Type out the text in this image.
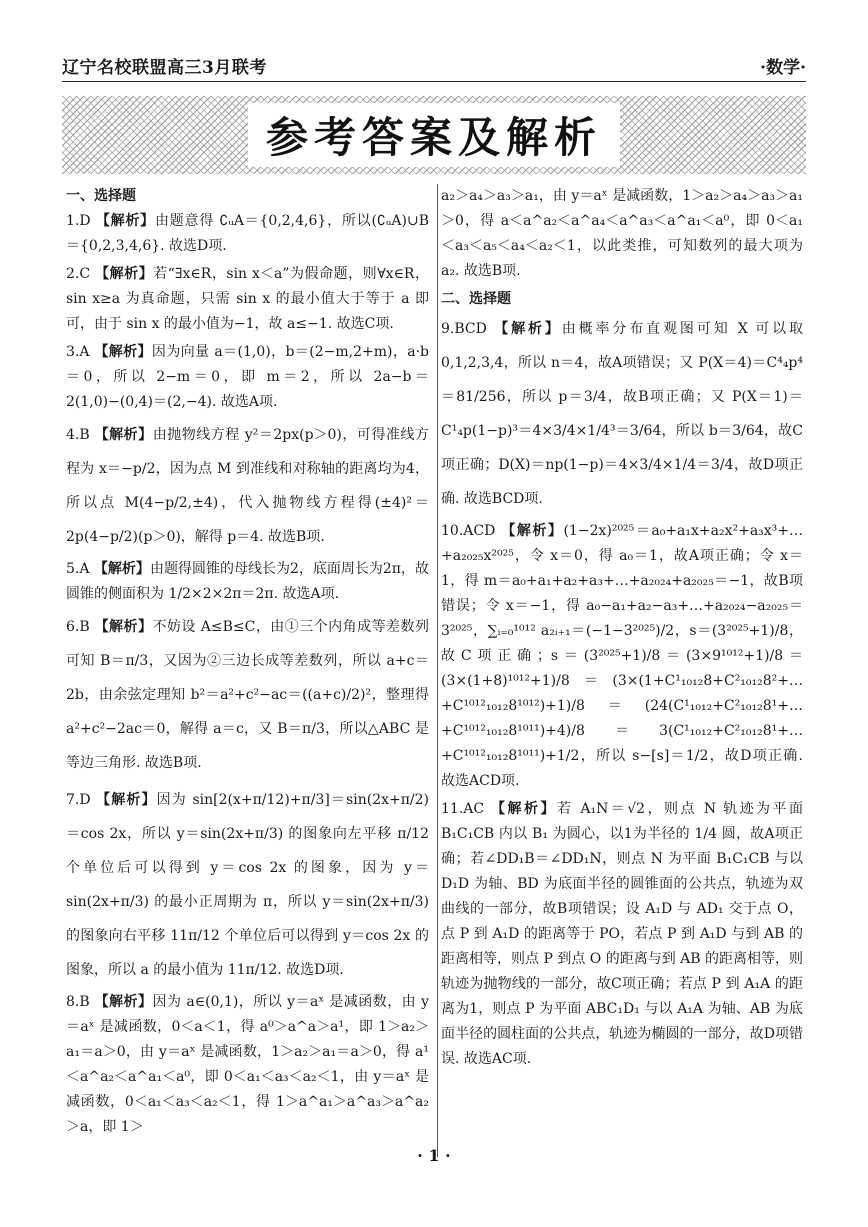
辽宁名校联盟高三3月联考	·数学·
参考答案及解析
一、选择题
1.D 【解析】由题意得 ∁ᵤA＝{0,2,4,6}，所以(∁ᵤA)∪B＝{0,2,3,4,6}. 故选D项.
2.C 【解析】若“∃x∈R，sin x＜a”为假命题，则∀x∈R，sin x≥a 为真命题，只需 sin x 的最小值大于等于 a 即可，由于 sin x 的最小值为−1，故 a≤−1. 故选C项.
3.A 【解析】因为向量 a＝(1,0)，b＝(2−m,2+m)，a·b＝0，所以 2−m＝0，即 m＝2，所以 2a−b＝2(1,0)−(0,4)＝(2,−4). 故选A项.
4.B 【解析】由抛物线方程 y²＝2px(p＞0)，可得准线方程为 x＝−p/2，因为点 M 到准线和对称轴的距离均为4，所以点 M(4−p/2,±4)，代入抛物线方程得(±4)²＝2p(4−p/2)(p＞0)，解得 p＝4. 故选B项.
5.A 【解析】由题得圆锥的母线长为2，底面周长为2π，故圆锥的侧面积为 1/2×2×2π＝2π. 故选A项.
6.B 【解析】不妨设 A≤B≤C，由①三个内角成等差数列可知 B＝π/3，又因为②三边长成等差数列，所以 a+c＝2b，由余弦定理知 b²＝a²+c²−ac＝((a+c)/2)²，整理得 a²+c²−2ac＝0，解得 a＝c，又 B＝π/3，所以△ABC 是等边三角形. 故选B项.
7.D 【解析】因为 sin[2(x+π/12)+π/3]＝sin(2x+π/2)＝cos 2x，所以 y＝sin(2x+π/3) 的图象向左平移 π/12 个单位后可以得到 y＝cos 2x 的图象，因为 y＝sin(2x+π/3) 的最小正周期为 π，所以 y＝sin(2x+π/3) 的图象向右平移 11π/12 个单位后可以得到 y＝cos 2x 的图象，所以 a 的最小值为 11π/12. 故选D项.
8.B 【解析】因为 a∈(0,1)，所以 y＝aˣ 是减函数，由 y＝aˣ 是减函数，0＜a＜1，得 a⁰＞a^a＞a¹，即 1＞a₂＞a₁＝a＞0，由 y＝aˣ 是减函数，1＞a₂＞a₁＝a＞0，得 a¹＜a^a₂＜a^a₁＜a⁰，即 0＜a₁＜a₃＜a₂＜1，由 y＝aˣ 是减函数，0＜a₁＜a₃＜a₂＜1，得 1＞a^a₁＞a^a₃＞a^a₂＞a，即 1＞
a₂＞a₄＞a₃＞a₁，由 y＝aˣ 是减函数，1＞a₂＞a₄＞a₃＞a₁＞0，得 a＜a^a₂＜a^a₄＜a^a₃＜a^a₁＜a⁰，即 0＜a₁＜a₃＜a₅＜a₄＜a₂＜1，以此类推，可知数列的最大项为 a₂. 故选B项.
二、选择题
9.BCD 【解析】由概率分布直观图可知 X 可以取0,1,2,3,4，所以 n＝4，故A项错误；又 P(X＝4)＝C⁴₄p⁴＝81/256，所以 p＝3/4，故B项正确；又 P(X＝1)＝C¹₄p(1−p)³＝4×3/4×1/4³＝3/64，所以 b＝3/64，故C项正确；D(X)＝np(1−p)＝4×3/4×1/4＝3/4，故D项正确. 故选BCD项.
10.ACD 【解析】(1−2x)²⁰²⁵＝a₀+a₁x+a₂x²+a₃x³+…+a₂₀₂₅x²⁰²⁵，令 x＝0，得 a₀＝1，故A项正确；令 x＝1，得 m＝a₀+a₁+a₂+a₃+…+a₂₀₂₄+a₂₀₂₅＝−1，故B项错误；令 x＝−1，得 a₀−a₁+a₂−a₃+…+a₂₀₂₄−a₂₀₂₅＝3²⁰²⁵，∑ᵢ₌₀¹⁰¹² a₂ᵢ₊₁＝(−1−3²⁰²⁵)/2，s＝(3²⁰²⁵+1)/8，故C项正确；s＝(3²⁰²⁵+1)/8＝(3×9¹⁰¹²+1)/8＝(3×(1+8)¹⁰¹²+1)/8＝(3×(1+C¹₁₀₁₂8+C²₁₀₁₂8²+…+C¹⁰¹²₁₀₁₂8¹⁰¹²)+1)/8＝(24(C¹₁₀₁₂+C²₁₀₁₂8¹+…+C¹⁰¹²₁₀₁₂8¹⁰¹¹)+4)/8＝3(C¹₁₀₁₂+C²₁₀₁₂8¹+…+C¹⁰¹²₁₀₁₂8¹⁰¹¹)+1/2，所以 s−[s]＝1/2，故D项正确. 故选ACD项.
11.AC 【解析】若 A₁N＝√2，则点 N 轨迹为平面 B₁C₁CB 内以 B₁ 为圆心，以1为半径的 1/4 圆，故A项正确；若∠DD₁B＝∠DD₁N，则点 N 为平面 B₁C₁CB 与以 D₁D 为轴、BD 为底面半径的圆锥面的公共点，轨迹为双曲线的一部分，故B项错误；设 A₁D 与 AD₁ 交于点 O，点 P 到 A₁D 的距离等于 PO，若点 P 到 A₁D 与到 AB 的距离相等，则点 P 到点 O 的距离与到 AB 的距离相等，则轨迹为抛物线的一部分，故C项正确；若点 P 到 A₁A 的距离为1，则点 P 为平面 ABC₁D₁ 与以 A₁A 为轴、AB 为底面半径的圆柱面的公共点，轨迹为椭圆的一部分，故D项错误. 故选AC项.
· 1 ·
